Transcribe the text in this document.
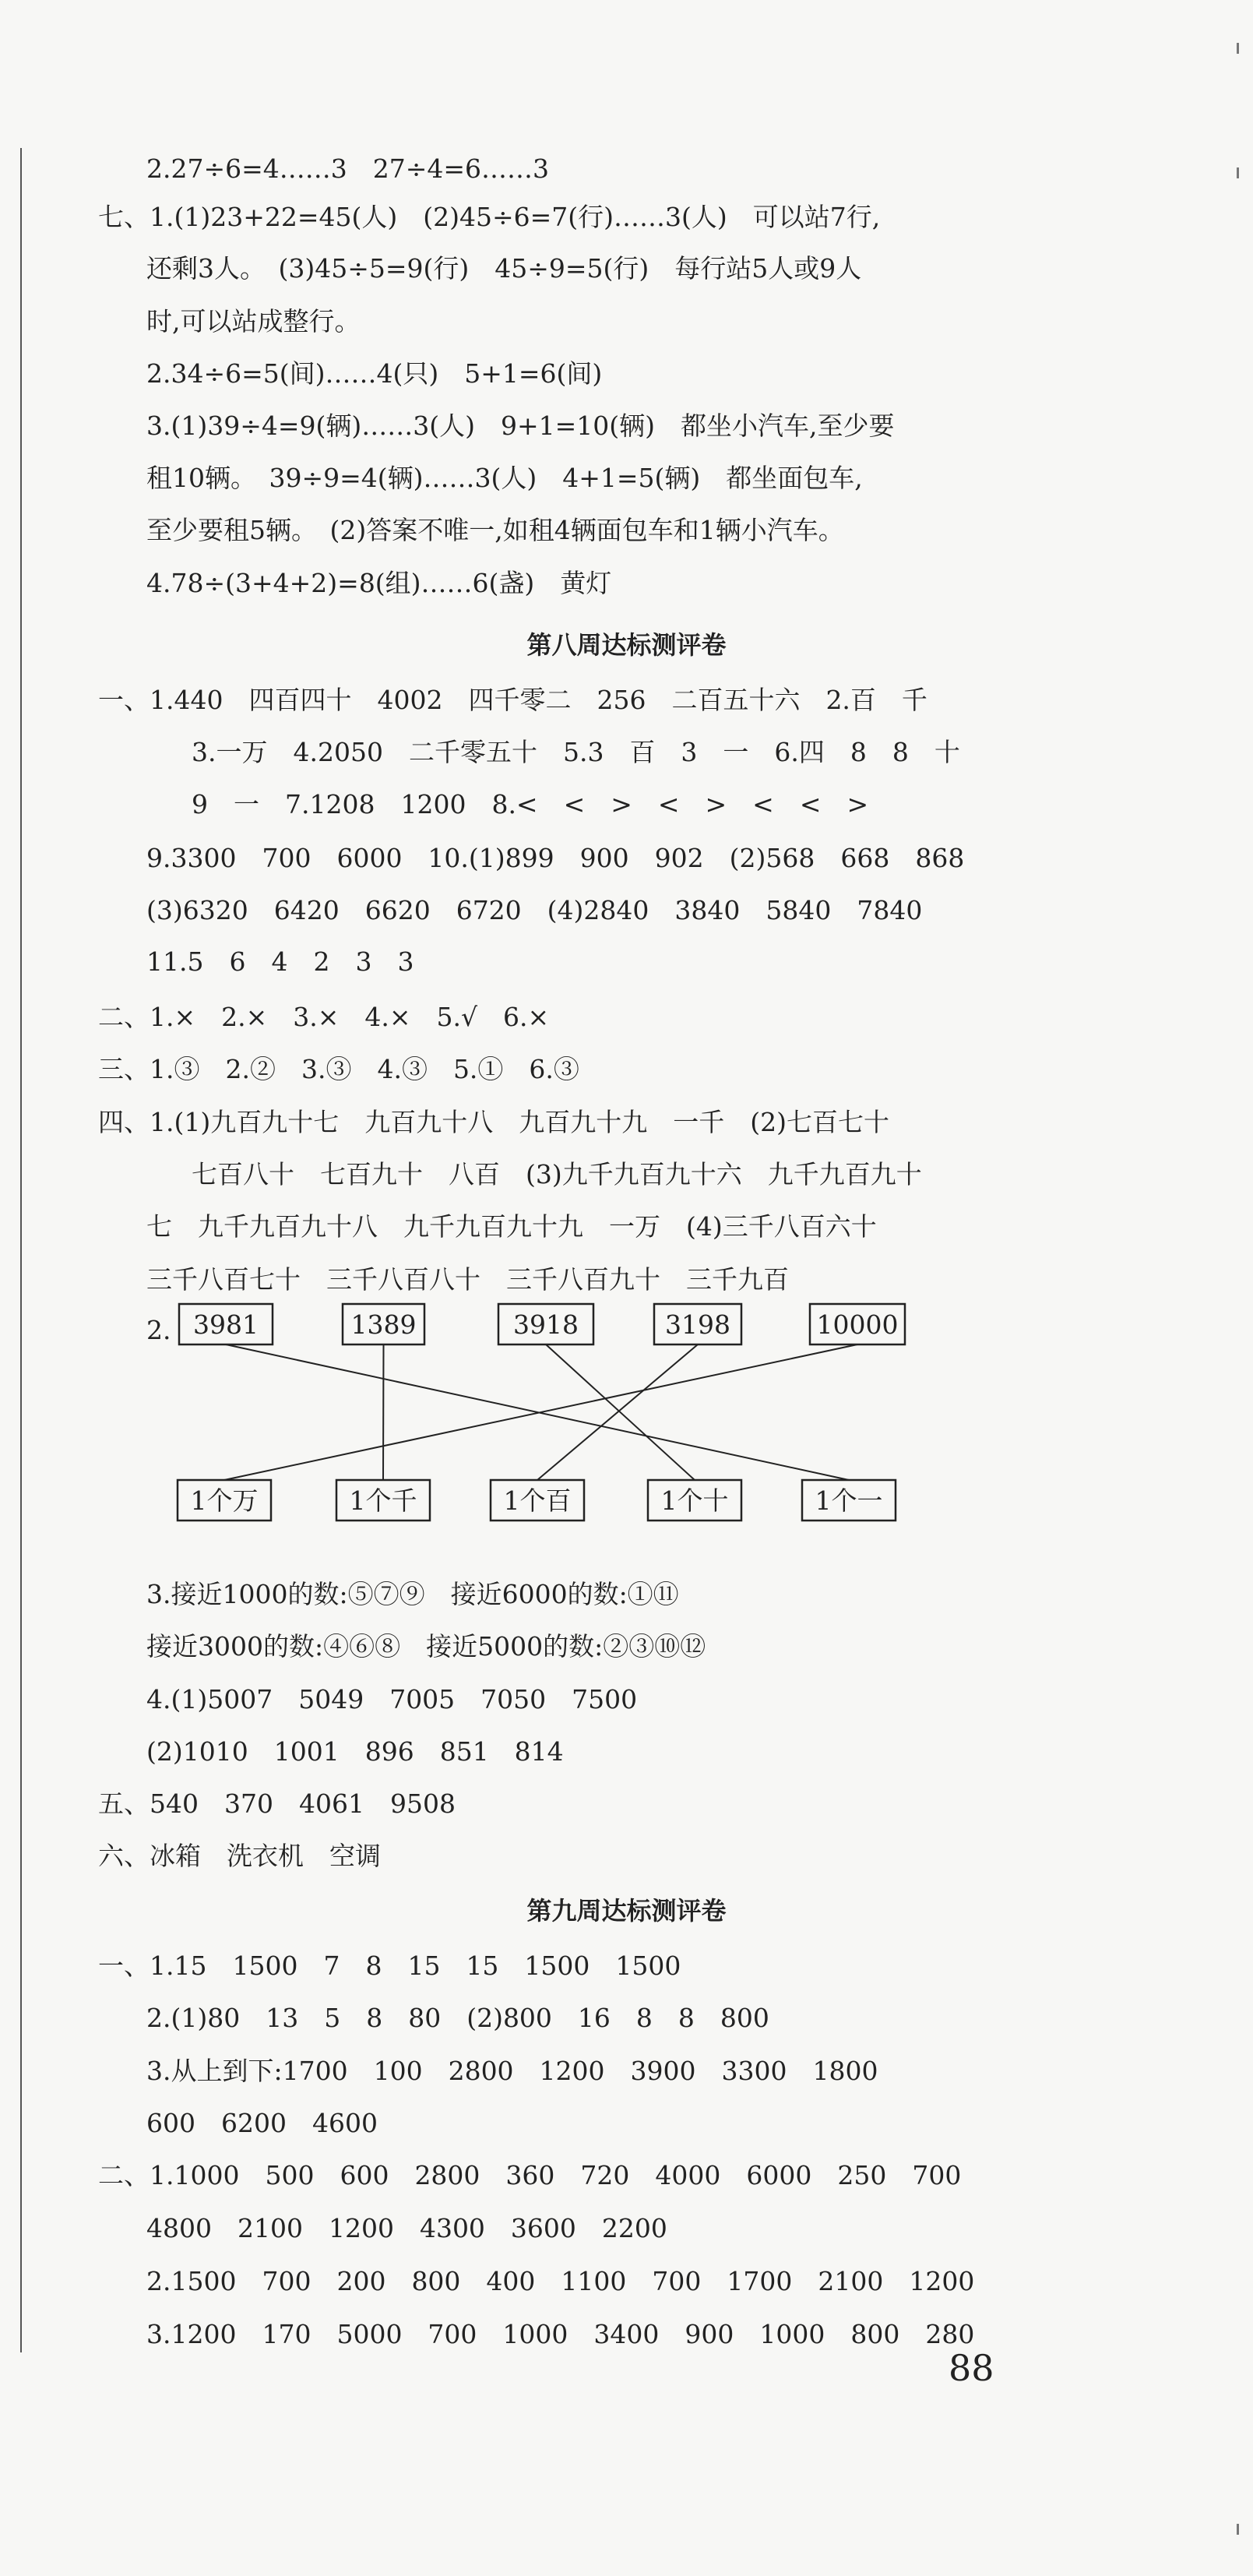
2.27÷6=4……3　27÷4=6……3
七、1.(1)23+22=45(人)　(2)45÷6=7(行)……3(人)　可以站7行,
还剩3人。　(3)45÷5=9(行)　45÷9=5(行)　每行站5人或9人
时,可以站成整行。
2.34÷6=5(间)……4(只)　5+1=6(间)
3.(1)39÷4=9(辆)……3(人)　9+1=10(辆)　都坐小汽车,至少要
租10辆。　39÷9=4(辆)……3(人)　4+1=5(辆)　都坐面包车,
至少要租5辆。　(2)答案不唯一,如租4辆面包车和1辆小汽车。
4.78÷(3+4+2)=8(组)……6(盏)　黄灯
第八周达标测评卷
一、1.440　四百四十　4002　四千零二　256　二百五十六　2.百　千
3.一万　4.2050　二千零五十　5.3　百　3　一　6.四　8　8　十
9　一　7.1208　1200　8.<　<　>　<　>　<　<　>
9.3300　700　6000　10.(1)899　900　902　(2)568　668　868
(3)6320　6420　6620　6720　(4)2840　3840　5840　7840
11.5　6　4　2　3　3
二、1.×　2.×　3.×　4.×　5.√　6.×
三、1.③　2.②　3.③　4.③　5.①　6.③
四、1.(1)九百九十七　九百九十八　九百九十九　一千　(2)七百七十
七百八十　七百九十　八百　(3)九千九百九十六　九千九百九十
七　九千九百九十八　九千九百九十九　一万　(4)三千八百六十
三千八百七十　三千八百八十　三千八百九十　三千九百
2. 3981	1389	3918	3198	10000
1个万	1个千	1个百	1个十	1个一
3.接近1000的数:⑤⑦⑨　接近6000的数:①⑪
接近3000的数:④⑥⑧　接近5000的数:②③⑩⑫
4.(1)5007　5049　7005　7050　7500
(2)1010　1001　896　851　814
五、540　370　4061　9508
六、冰箱　洗衣机　空调
第九周达标测评卷
一、1.15　1500　7　8　15　15　1500　1500
2.(1)80　13　5　8　80　(2)800　16　8　8　800
3.从上到下:1700　100　2800　1200　3900　3300　1800
600　6200　4600
二、1.1000　500　600　2800　360　720　4000　6000　250　700
4800　2100　1200　4300　3600　2200
2.1500　700　200　800　400　1100　700　1700　2100　1200
3.1200　170　5000　700　1000　3400　900　1000　800　280
88
